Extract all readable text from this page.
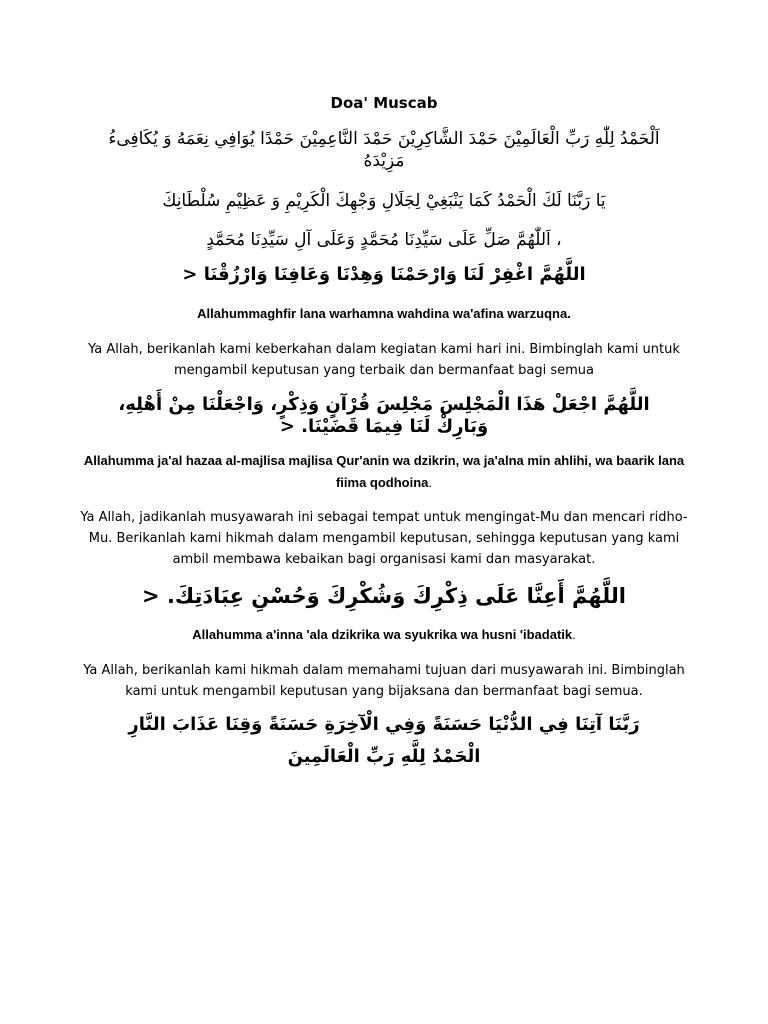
Doa' Muscab
اَلْحَمْدُ لِلّٰهِ رَبِّ الْعَالَمِيْنَ حَمْدَ الشَّاكِرِيْنَ حَمْدَ النَّاعِمِيْنَ حَمْدًا يُوَافِي نِعَمَهُ وَ يُكَافِىءُ مَزِيْدَهُ
يَا رَبَّنَا لَكَ الْحَمْدُ كَمَا يَنْبَغِيْ لِجَلَالِ وَجْهِكَ الْكَرِيْمِ وَ عَظِيْمِ سُلْطَانِكَ
، اَللّٰهُمَّ صَلِّ عَلَى سَيِّدِنَا مُحَمَّدٍ وَعَلَى آلِ سَيِّدِنَا مُحَمَّدٍ
اللَّهُمَّ اغْفِرْ لَنَا وَارْحَمْنَا وَهِدْنَا وَعَافِنَا وَارْزُقْنَا <
Allahummaghfir lana warhamna wahdina wa'afina warzuqna.
Ya Allah, berikanlah kami keberkahan dalam kegiatan kami hari ini. Bimbinglah kami untuk mengambil keputusan yang terbaik dan bermanfaat bagi semua
اللَّهُمَّ اجْعَلْ هَذَا الْمَجْلِسَ مَجْلِسَ قُرْآنٍ وَذِكْرٍ، وَاجْعَلْنَا مِنْ أَهْلِهِ، وَبَارِكْ لَنَا فِيمَا قَضَيْنَا. <
Allahumma ja'al hazaa al-majlisa majlisa Qur'anin wa dzikrin, wa ja'alna min ahlihi, wa baarik lana fiima qodhoina.
Ya Allah, jadikanlah musyawarah ini sebagai tempat untuk mengingat-Mu dan mencari ridho-Mu. Berikanlah kami hikmah dalam mengambil keputusan, sehingga keputusan yang kami ambil membawa kebaikan bagi organisasi kami dan masyarakat.
اللَّهُمَّ أَعِنَّا عَلَى ذِكْرِكَ وَشُكْرِكَ وَحُسْنِ عِبَادَتِكَ. <
Allahumma a'inna 'ala dzikrika wa syukrika wa husni 'ibadatik.
Ya Allah, berikanlah kami hikmah dalam memahami tujuan dari musyawarah ini. Bimbinglah kami untuk mengambil keputusan yang bijaksana dan bermanfaat bagi semua.
رَبَّنَا آتِنَا فِي الدُّنْيَا حَسَنَةً وَفِي الْآخِرَةِ حَسَنَةً وَقِنَا عَذَابَ النَّارِ
الْحَمْدُ لِلَّهِ رَبِّ الْعَالَمِينَ
